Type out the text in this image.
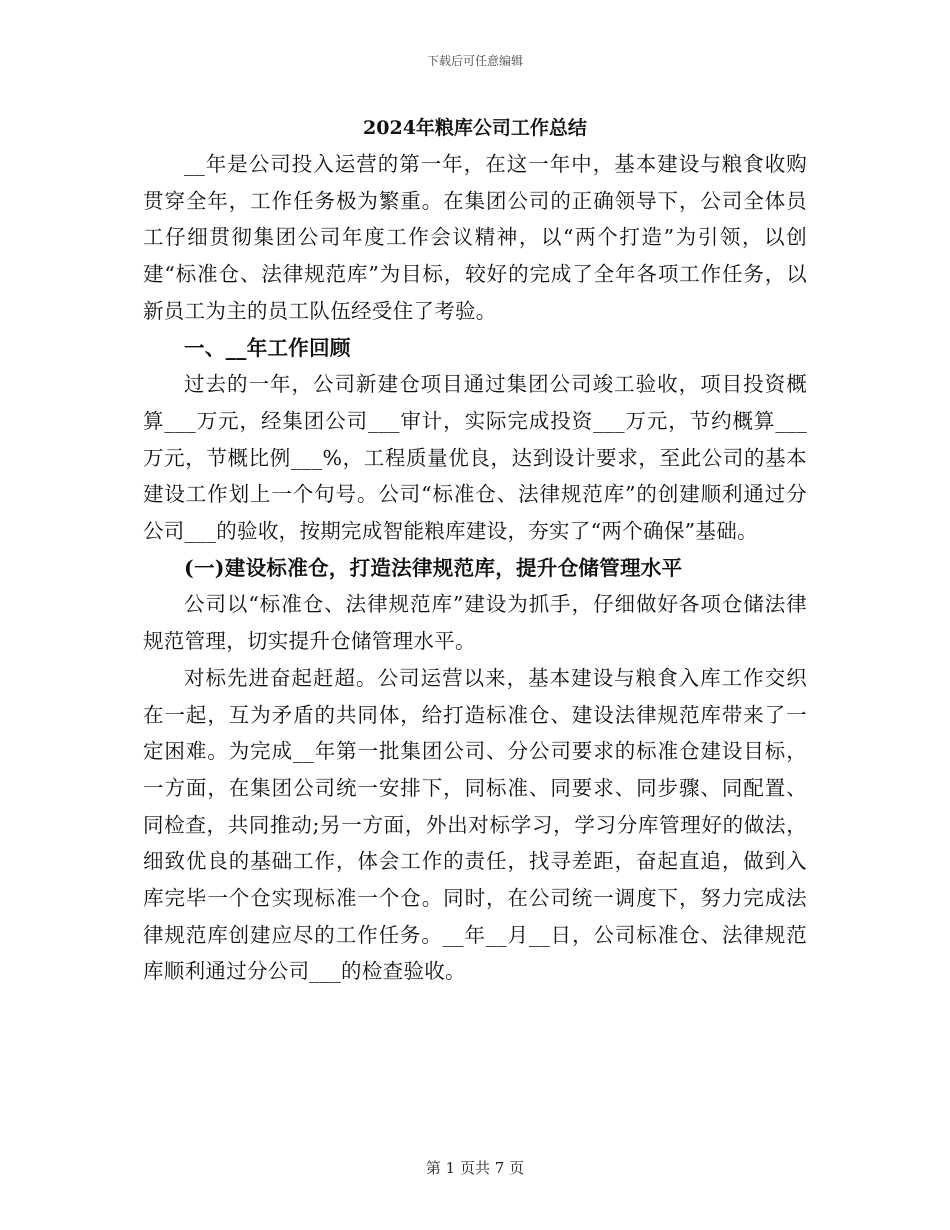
下载后可任意编辑
2024年粮库公司工作总结

__年是公司投入运营的第一年，在这一年中，基本建设与粮食收购贯穿全年，工作任务极为繁重。在集团公司的正确领导下，公司全体员工仔细贯彻集团公司年度工作会议精神，以“两个打造”为引领，以创建“标准仓、法律规范库”为目标，较好的完成了全年各项工作任务，以新员工为主的员工队伍经受住了考验。

一、__年工作回顾

过去的一年，公司新建仓项目通过集团公司竣工验收，项目投资概算___万元，经集团公司___审计，实际完成投资___万元，节约概算___万元，节概比例___%，工程质量优良，达到设计要求，至此公司的基本建设工作划上一个句号。公司“标准仓、法律规范库”的创建顺利通过分公司___的验收，按期完成智能粮库建设，夯实了“两个确保”基础。

(一)建设标准仓，打造法律规范库，提升仓储管理水平

公司以“标准仓、法律规范库”建设为抓手，仔细做好各项仓储法律规范管理，切实提升仓储管理水平。

对标先进奋起赶超。公司运营以来，基本建设与粮食入库工作交织在一起，互为矛盾的共同体，给打造标准仓、建设法律规范库带来了一定困难。为完成__年第一批集团公司、分公司要求的标准仓建设目标，一方面，在集团公司统一安排下，同标准、同要求、同步骤、同配置、同检查，共同推动;另一方面，外出对标学习，学习分库管理好的做法，细致优良的基础工作，体会工作的责任，找寻差距，奋起直追，做到入库完毕一个仓实现标准一个仓。同时，在公司统一调度下，努力完成法律规范库创建应尽的工作任务。__年__月__日，公司标准仓、法律规范库顺利通过分公司___的检查验收。

第 1 页共 7 页
